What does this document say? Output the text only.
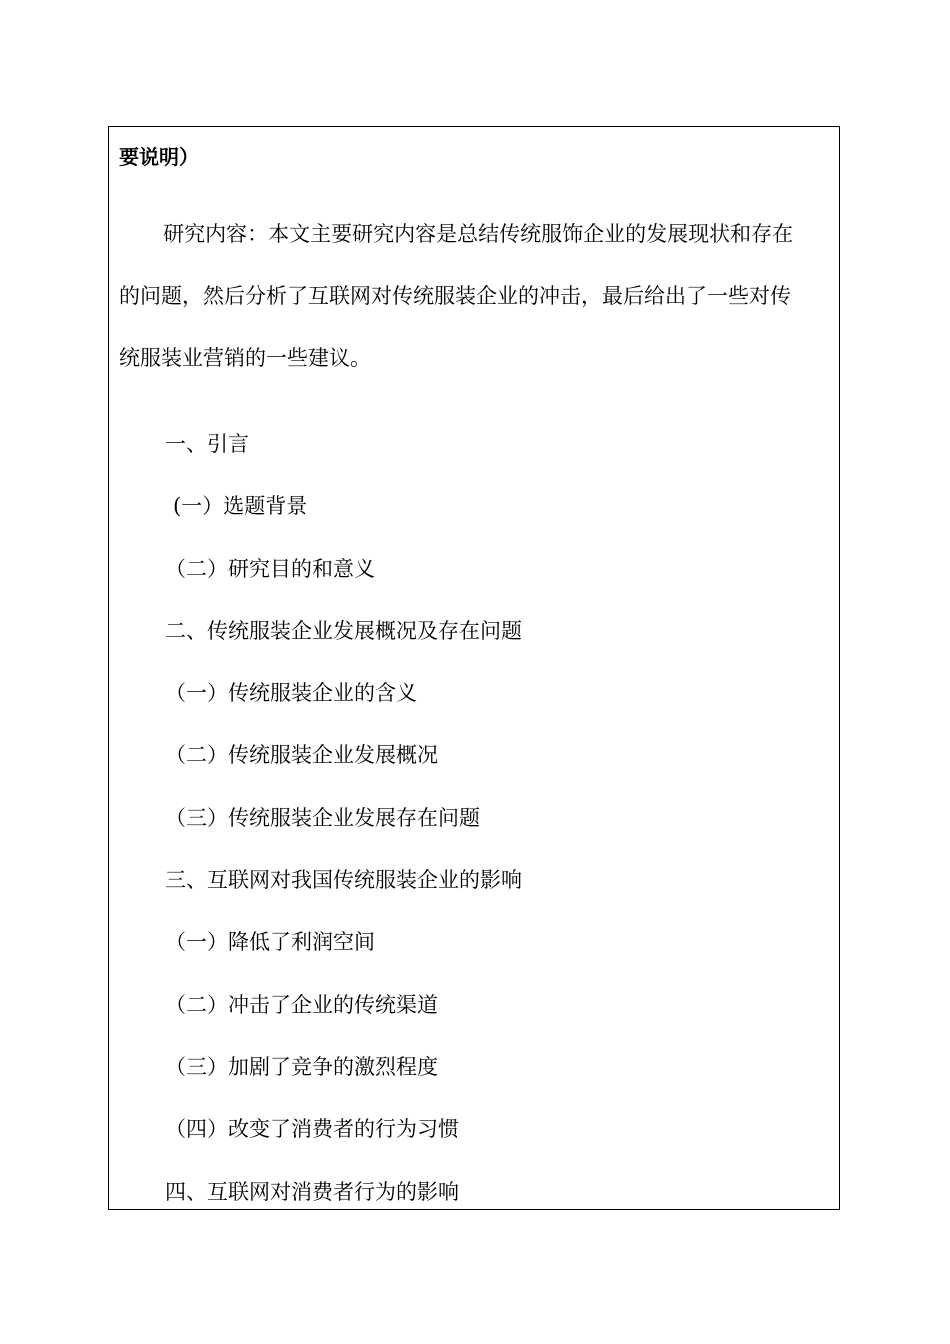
要说明）
研究内容：本文主要研究内容是总结传统服饰企业的发展现状和存在
的问题，然后分析了互联网对传统服装企业的冲击，最后给出了一些对传
统服装业营销的一些建议。
一、引言
(一）选题背景
（二）研究目的和意义
二、传统服装企业发展概况及存在问题
（一）传统服装企业的含义
（二）传统服装企业发展概况
（三）传统服装企业发展存在问题
三、互联网对我国传统服装企业的影响
（一）降低了利润空间
（二）冲击了企业的传统渠道
（三）加剧了竞争的激烈程度
（四）改变了消费者的行为习惯
四、互联网对消费者行为的影响
